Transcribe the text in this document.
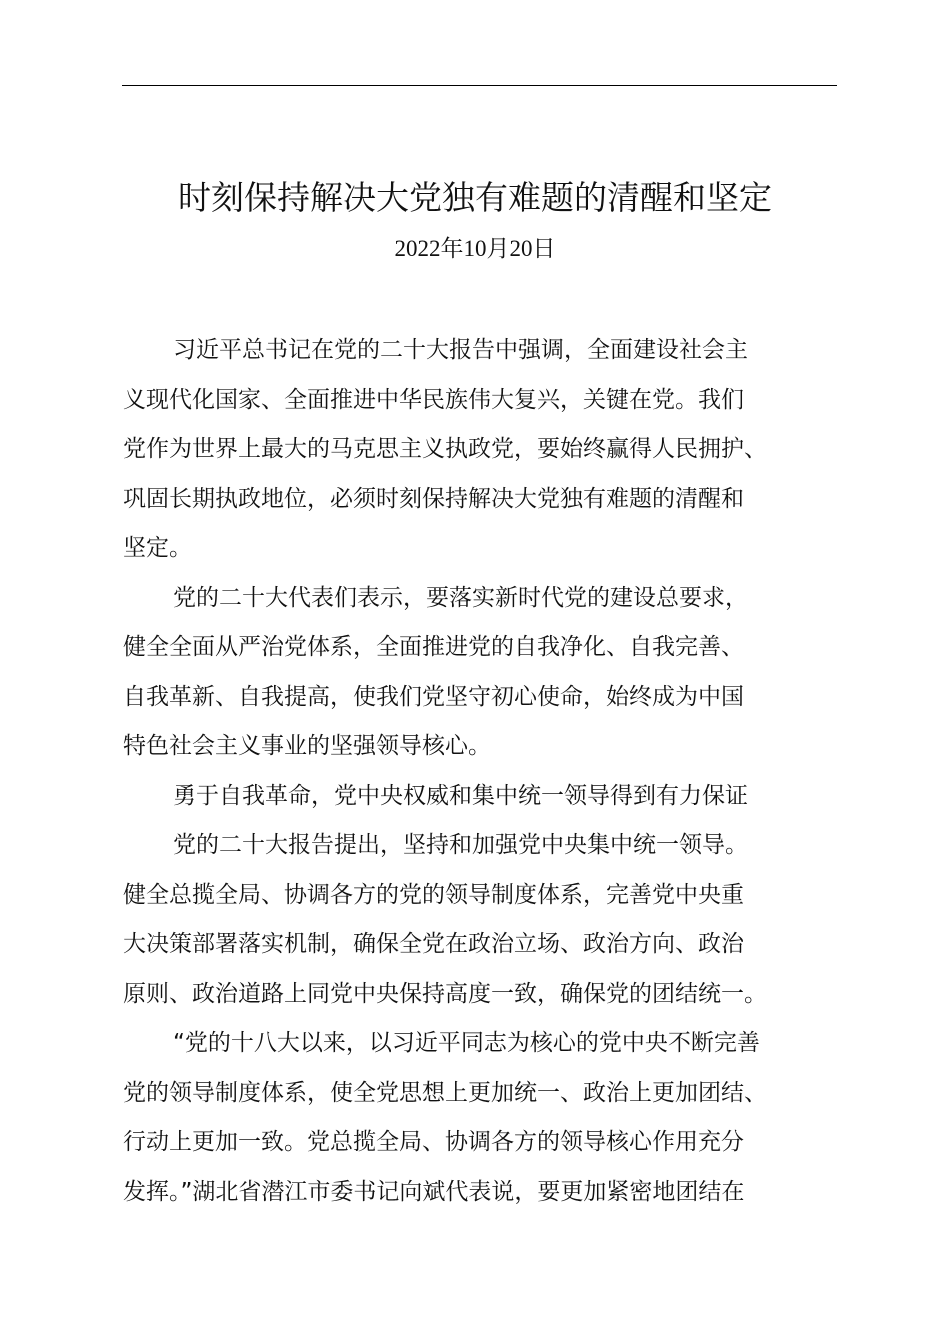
时刻保持解决大党独有难题的清醒和坚定
2022年10月20日

习近平总书记在党的二十大报告中强调，全面建设社会主
义现代化国家、全面推进中华民族伟大复兴，关键在党。我们
党作为世界上最大的马克思主义执政党，要始终赢得人民拥护、
巩固长期执政地位，必须时刻保持解决大党独有难题的清醒和
坚定。

党的二十大代表们表示，要落实新时代党的建设总要求，
健全全面从严治党体系，全面推进党的自我净化、自我完善、
自我革新、自我提高，使我们党坚守初心使命，始终成为中国
特色社会主义事业的坚强领导核心。

勇于自我革命，党中央权威和集中统一领导得到有力保证

党的二十大报告提出，坚持和加强党中央集中统一领导。
健全总揽全局、协调各方的党的领导制度体系，完善党中央重
大决策部署落实机制，确保全党在政治立场、政治方向、政治
原则、政治道路上同党中央保持高度一致，确保党的团结统一。

“党的十八大以来，以习近平同志为核心的党中央不断完善
党的领导制度体系，使全党思想上更加统一、政治上更加团结、
行动上更加一致。党总揽全局、协调各方的领导核心作用充分
发挥。”湖北省潜江市委书记向斌代表说，要更加紧密地团结在
